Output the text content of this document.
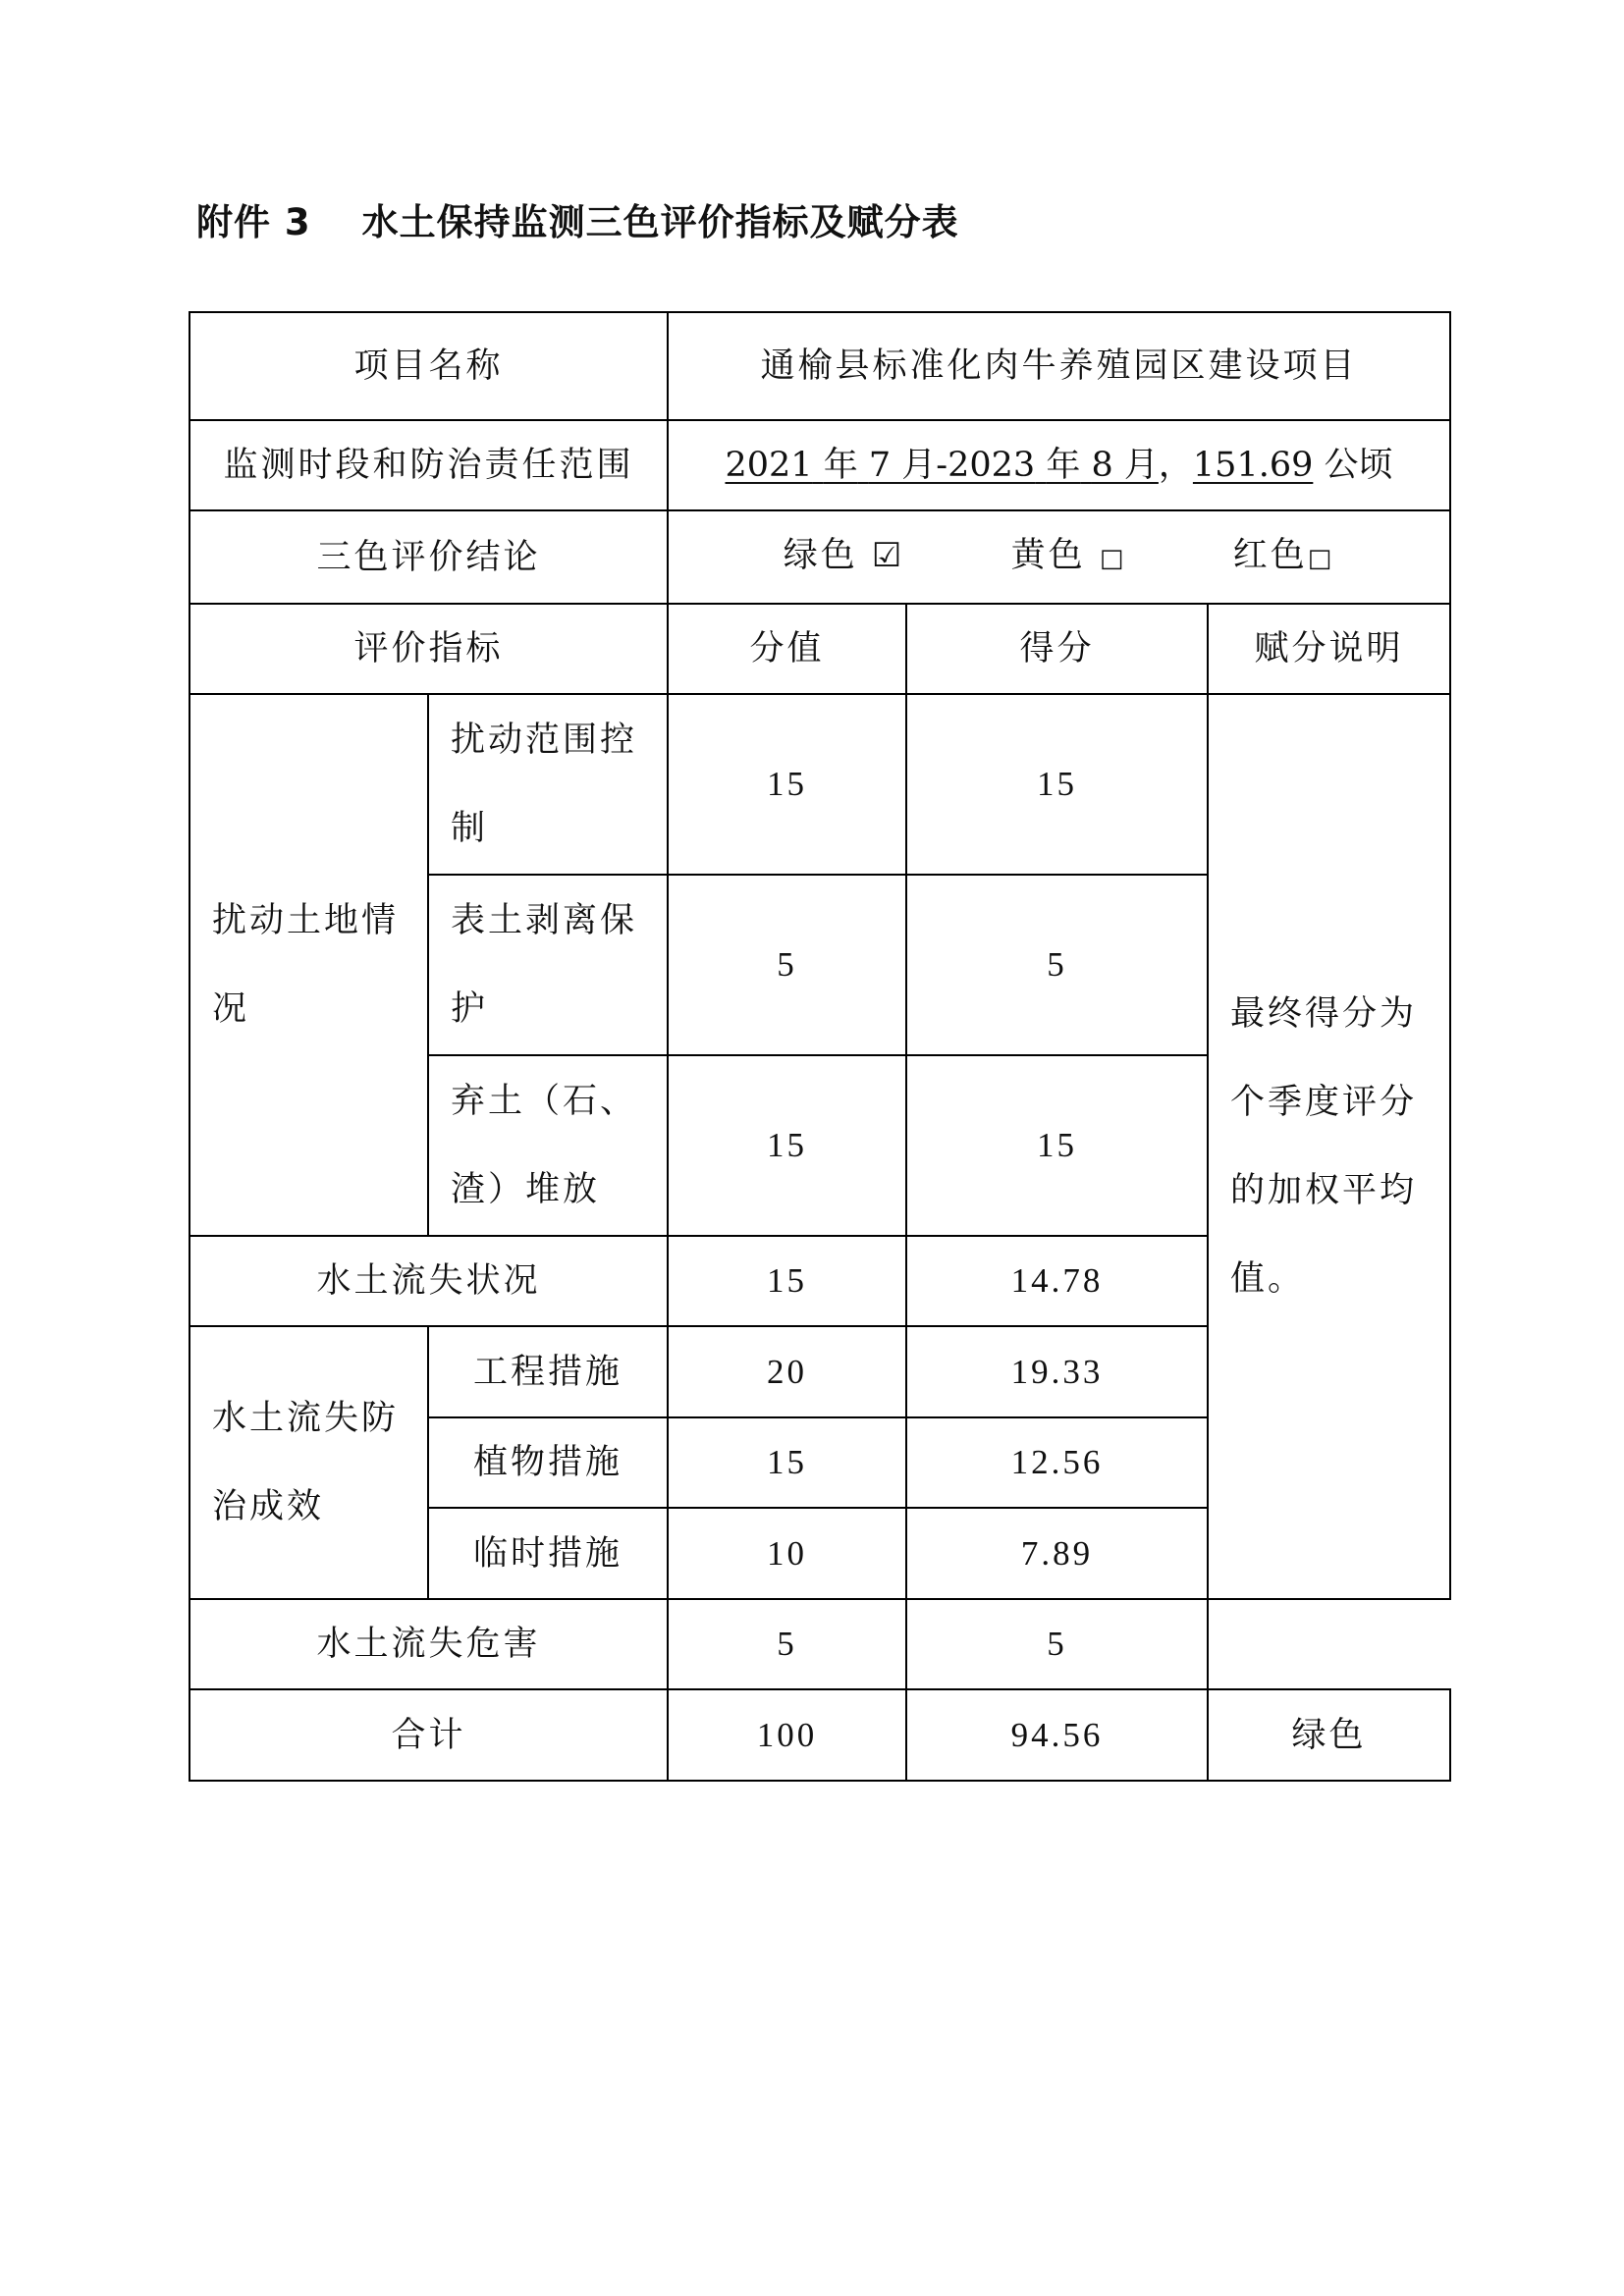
附件 3 水土保持监测三色评价指标及赋分表
项目名称		通榆县标准化肉牛养殖园区建设项目		
监测时段和防治责任范围		2021 年 7 月-2023 年 8 月，151.69 公顷		
三色评价结论		绿色 ☑ 黄色 □ 红色□		
评价指标		分值	得分	赋分说明
扰动土地情况	扰动范围控制	15	15	最终得分为个季度评分的加权平均值。
	表土剥离保护	5	5	
	弃土（石、渣）堆放	15	15	
水土流失状况		15	14.78	
水土流失防治成效	工程措施	20	19.33	
	植物措施	15	12.56	
	临时措施	10	7.89	
水土流失危害		5	5	
合计		100	94.56	绿色
